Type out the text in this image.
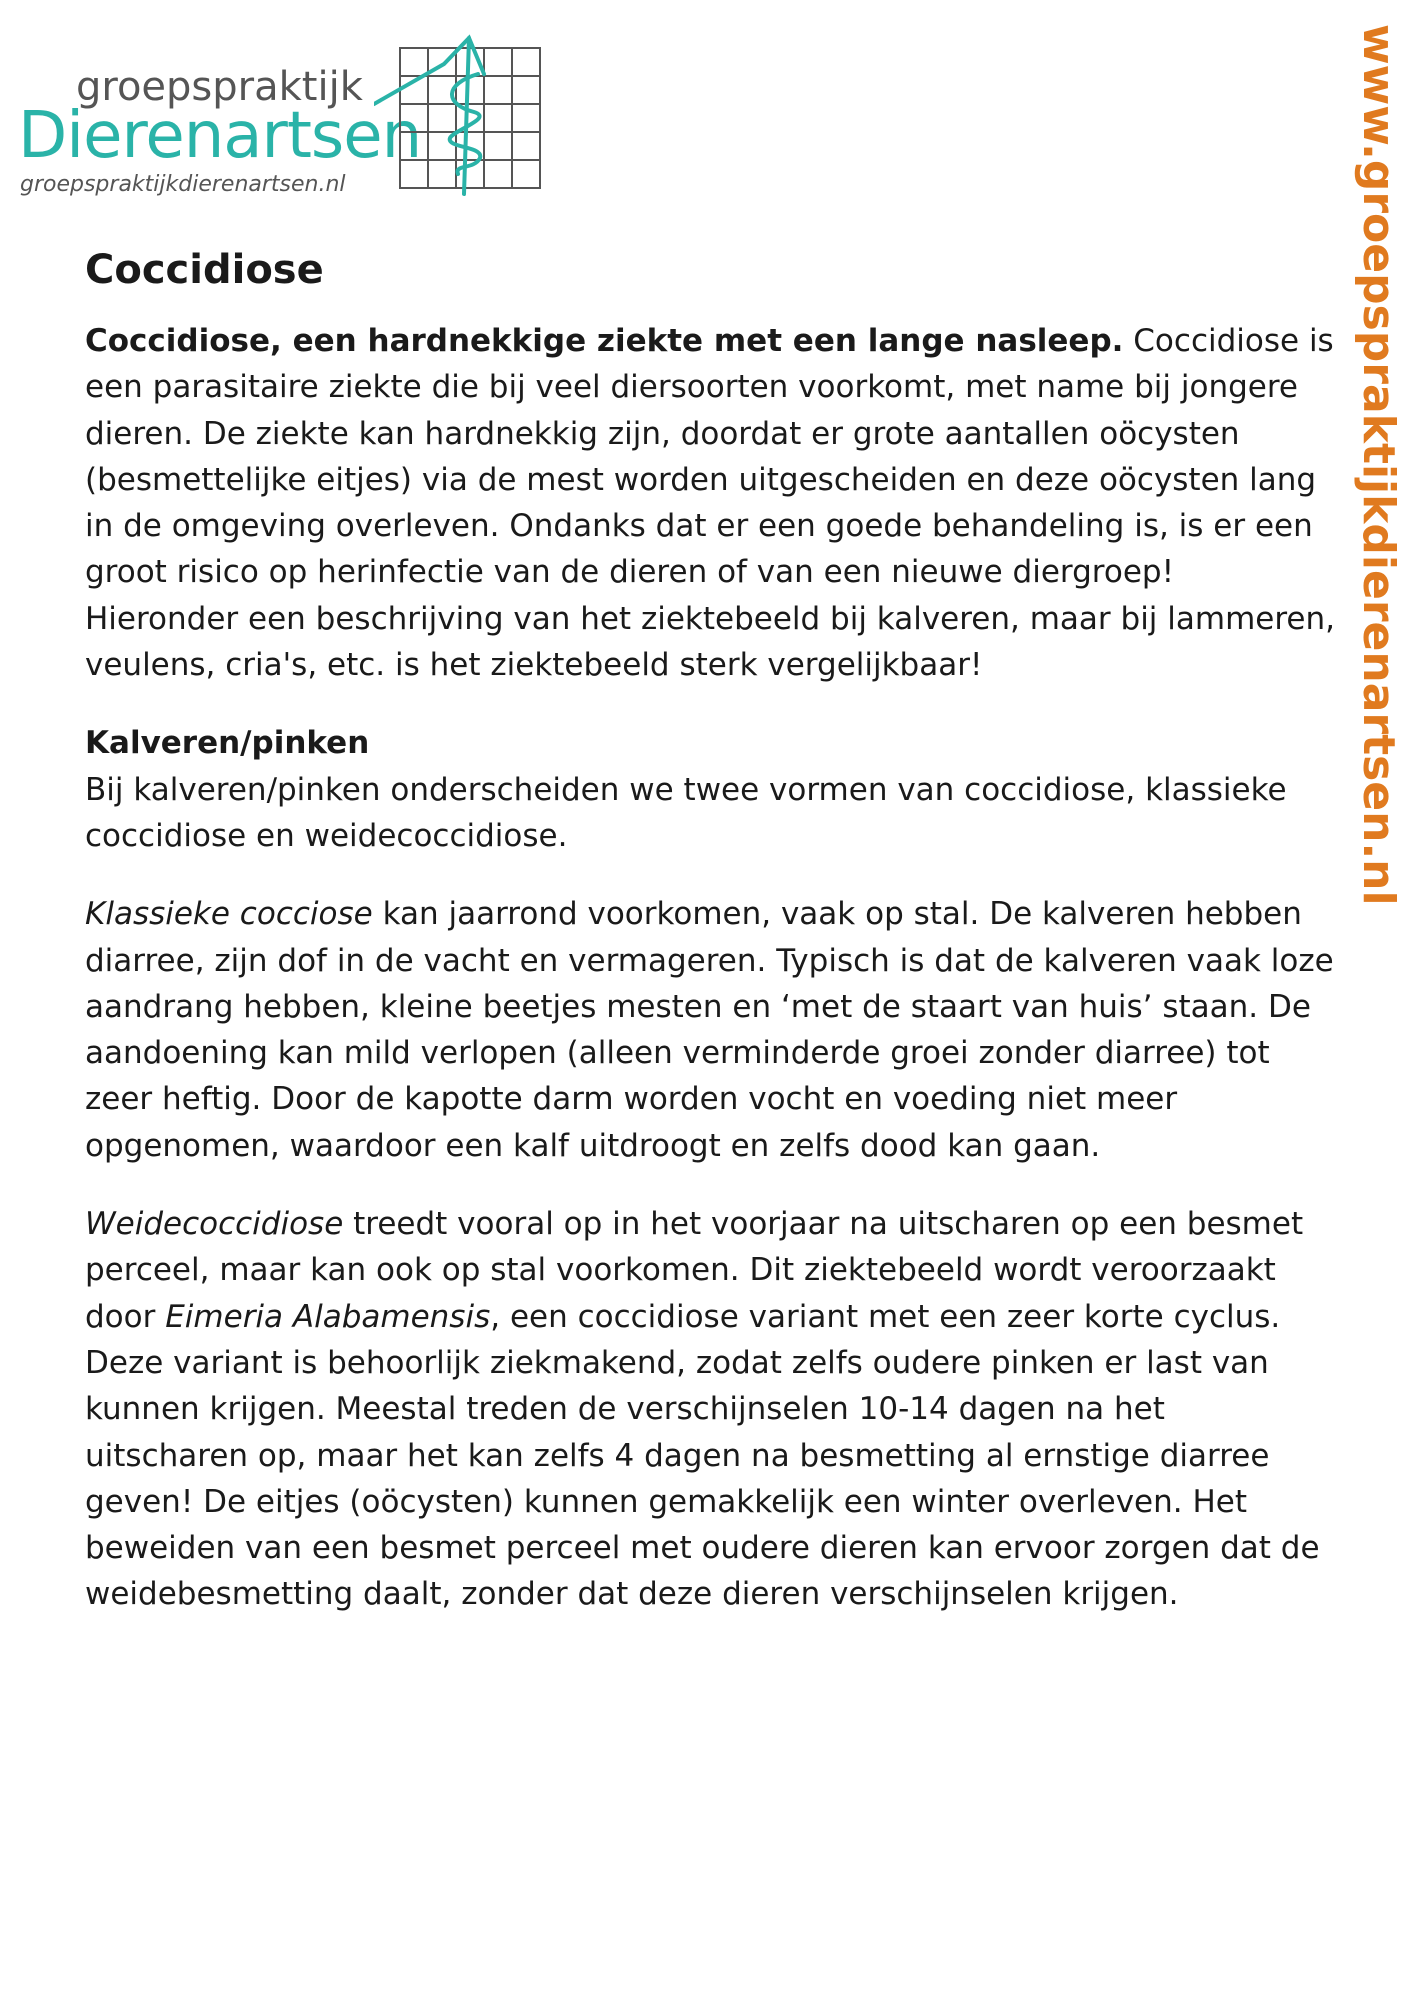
groepspraktijk
Dierenartsen
groepspraktijkdierenartsen.nl	www.groepspraktijkdierenartsen.nl
Coccidiose

Coccidiose, een hardnekkige ziekte met een lange nasleep. Coccidiose is een parasitaire ziekte die bij veel diersoorten voorkomt, met name bij jongere dieren. De ziekte kan hardnekkig zijn, doordat er grote aantallen oöcysten (besmettelijke eitjes) via de mest worden uitgescheiden en deze oöcysten lang in de omgeving overleven. Ondanks dat er een goede behandeling is, is er een groot risico op herinfectie van de dieren of van een nieuwe diergroep! Hieronder een beschrijving van het ziektebeeld bij kalveren, maar bij lammeren, veulens, cria's, etc. is het ziektebeeld sterk vergelijkbaar!

Kalveren/pinken

Bij kalveren/pinken onderscheiden we twee vormen van coccidiose, klassieke coccidiose en weidecoccidiose.

Klassieke cocciose kan jaarrond voorkomen, vaak op stal. De kalveren hebben diarree, zijn dof in de vacht en vermageren. Typisch is dat de kalveren vaak loze aandrang hebben, kleine beetjes mesten en ‘met de staart van huis’ staan. De aandoening kan mild verlopen (alleen verminderde groei zonder diarree) tot zeer heftig. Door de kapotte darm worden vocht en voeding niet meer opgenomen, waardoor een kalf uitdroogt en zelfs dood kan gaan.

Weidecoccidiose treedt vooral op in het voorjaar na uitscharen op een besmet perceel, maar kan ook op stal voorkomen. Dit ziektebeeld wordt veroorzaakt door Eimeria Alabamensis, een coccidiose variant met een zeer korte cyclus. Deze variant is behoorlijk ziekmakend, zodat zelfs oudere pinken er last van kunnen krijgen. Meestal treden de verschijnselen 10-14 dagen na het uitscharen op, maar het kan zelfs 4 dagen na besmetting al ernstige diarree geven! De eitjes (oöcysten) kunnen gemakkelijk een winter overleven. Het beweiden van een besmet perceel met oudere dieren kan ervoor zorgen dat de weidebesmetting daalt, zonder dat deze dieren verschijnselen krijgen.
